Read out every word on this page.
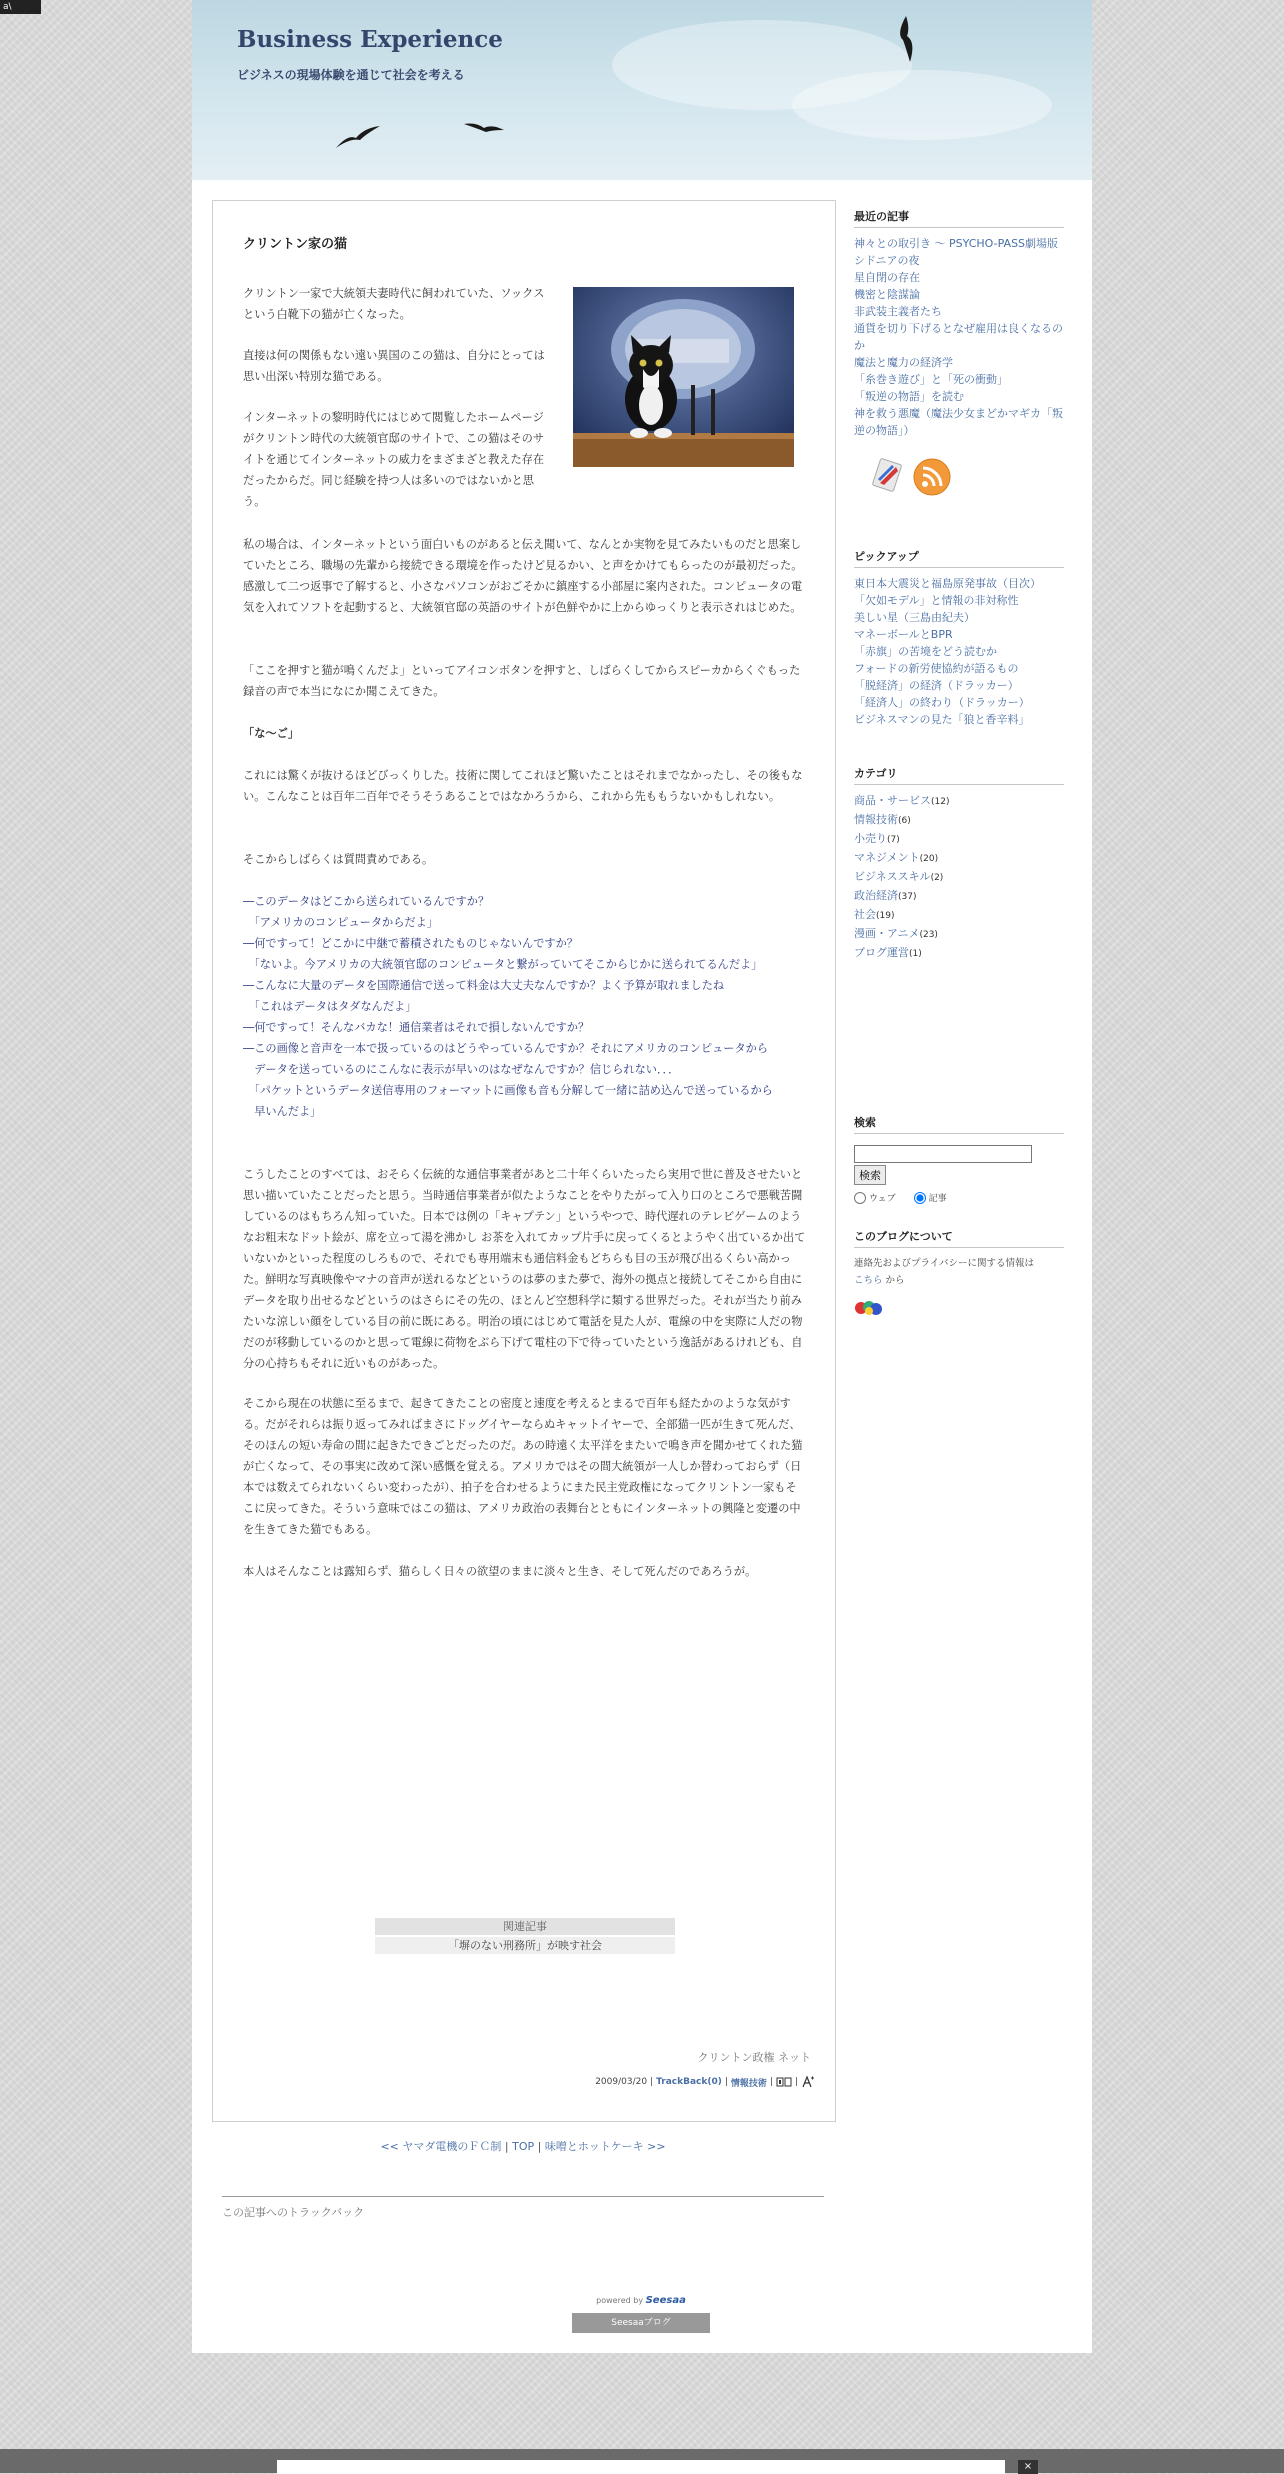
a\
Business Experience
ビジネスの現場体験を通じて社会を考える
クリントン家の猫

クリントン一家で大統領夫妻時代に飼われていた、ソックスという白靴下の猫が亡くなった。

直接は何の関係もない遠い異国のこの猫は、自分にとっては思い出深い特別な猫である。

インターネットの黎明時代にはじめて閲覧したホームページがクリントン時代の大統領官邸のサイトで、この猫はそのサイトを通じてインターネットの威力をまざまざと教えた存在だったからだ。同じ経験を持つ人は多いのではないかと思う。

私の場合は、インターネットという面白いものがあると伝え聞いて、なんとか実物を見てみたいものだと思案していたところ、職場の先輩から接続できる環境を作ったけど見るかい、と声をかけてもらったのが最初だった。感激して二つ返事で了解すると、小さなパソコンがおごそかに鎮座する小部屋に案内された。コンピュータの電気を入れてソフトを起動すると、大統領官邸の英語のサイトが色鮮やかに上からゆっくりと表示されはじめた。

「ここを押すと猫が鳴くんだよ」といってアイコンボタンを押すと、しばらくしてからスピーカからくぐもった録音の声で本当になにか聞こえてきた。

「な～ご」

これには驚くが抜けるほどびっくりした。技術に関してこれほど驚いたことはそれまでなかったし、その後もない。こんなことは百年二百年でそうそうあることではなかろうから、これから先ももうないかもしれない。

そこからしばらくは質問責めである。

―このデータはどこから送られているんですか？
　「アメリカのコンピュータからだよ」
―何ですって！どこかに中継で蓄積されたものじゃないんですか？
　「ないよ。今アメリカの大統領官邸のコンピュータと繋がっていてそこからじかに送られてるんだよ」
―こんなに大量のデータを国際通信で送って料金は大丈夫なんですか？よく予算が取れましたね
　「これはデータはタダなんだよ」
―何ですって！そんなバカな！通信業者はそれで損しないんですか？
―この画像と音声を一本で扱っているのはどうやっているんですか？それにアメリカのコンピュータから
　データを送っているのにこんなに表示が早いのはなぜなんですか？信じられない．．．
　「パケットというデータ送信専用のフォーマットに画像も音も分解して一緒に詰め込んで送っているから
　早いんだよ」

こうしたことのすべては、おそらく伝統的な通信事業者があと二十年くらいたったら実用で世に普及させたいと思い描いていたことだったと思う。当時通信事業者が似たようなことをやりたがって入り口のところで悪戦苦闘しているのはもちろん知っていた。日本では例の「キャプテン」というやつで、時代遅れのテレビゲームのようなお粗末なドット絵が、席を立って湯を沸かし お茶を入れてカップ片手に戻ってくるとようやく出ているか出ていないかといった程度のしろもので、それでも専用端末も通信料金もどちらも目の玉が飛び出るくらい高かった。鮮明な写真映像やマナの音声が送れるなどというのは夢のまた夢で、海外の拠点と接続してそこから自由にデータを取り出せるなどというのはさらにその先の、ほとんど空想科学に類する世界だった。それが当たり前みたいな涼しい顔をしている目の前に既にある。明治の頃にはじめて電話を見た人が、電線の中を実際に人だの物だのが移動しているのかと思って電線に荷物をぶら下げて電柱の下で待っていたという逸話があるけれども、自分の心持ちもそれに近いものがあった。

そこから現在の状態に至るまで、起きてきたことの密度と速度を考えるとまるで百年も経たかのような気がする。だがそれらは振り返ってみればまさにドッグイヤーならぬキャットイヤーで、全部猫一匹が生きて死んだ、そのほんの短い寿命の間に起きたできごとだったのだ。あの時遠く太平洋をまたいで鳴き声を聞かせてくれた猫が亡くなって、その事実に改めて深い感慨を覚える。アメリカではその間大統領が一人しか替わっておらず（日本では数えてられないくらい変わったが）、拍子を合わせるようにまた民主党政権になってクリントン一家もそこに戻ってきた。そういう意味ではこの猫は、アメリカ政治の表舞台とともにインターネットの興隆と変遷の中を生きてきた猫でもある。

本人はそんなことは露知らず、猫らしく日々の欲望のままに淡々と生き、そして死んだのであろうが。

関連記事
「塀のない刑務所」が映す社会
クリントン政権 ネット
2009/03/20 | TrackBack(0) | 情報技術 | |
<< ヤマダ電機のＦＣ制 | TOP | 味噌とホットケーキ >>
この記事へのトラックバック
powered by Seesaa
Seesaaブログ
最近の記事
神々との取引き ～ PSYCHO-PASS劇場版
シドニアの夜
星自閉の存在
機密と陰謀論
非武装主義者たち
通貨を切り下げるとなぜ雇用は良くなるのか
魔法と魔力の経済学
「糸巻き遊び」と「死の衝動」
「叛逆の物語」を読む
神を救う悪魔（魔法少女まどかマギカ「叛逆の物語」）
ピックアップ
東日本大震災と福島原発事故（目次）
「欠如モデル」と情報の非対称性
美しい星（三島由紀夫）
マネーボールとBPR
「赤旗」の苦境をどう読むか
フォードの新労使協約が語るもの
「脱経済」の経済（ドラッカー）
「経済人」の終わり（ドラッカー）
ビジネスマンの見た「狼と香辛料」
カテゴリ
商品・サービス(12)
情報技術(6)
小売り(7)
マネジメント(20)
ビジネススキル(2)
政治経済(37)
社会(19)
漫画・アニメ(23)
ブログ運営(1)
検索

検索
ウェブ	記事
このブログについて
連絡先およびプライバシーに関する情報は
こちら から
×
